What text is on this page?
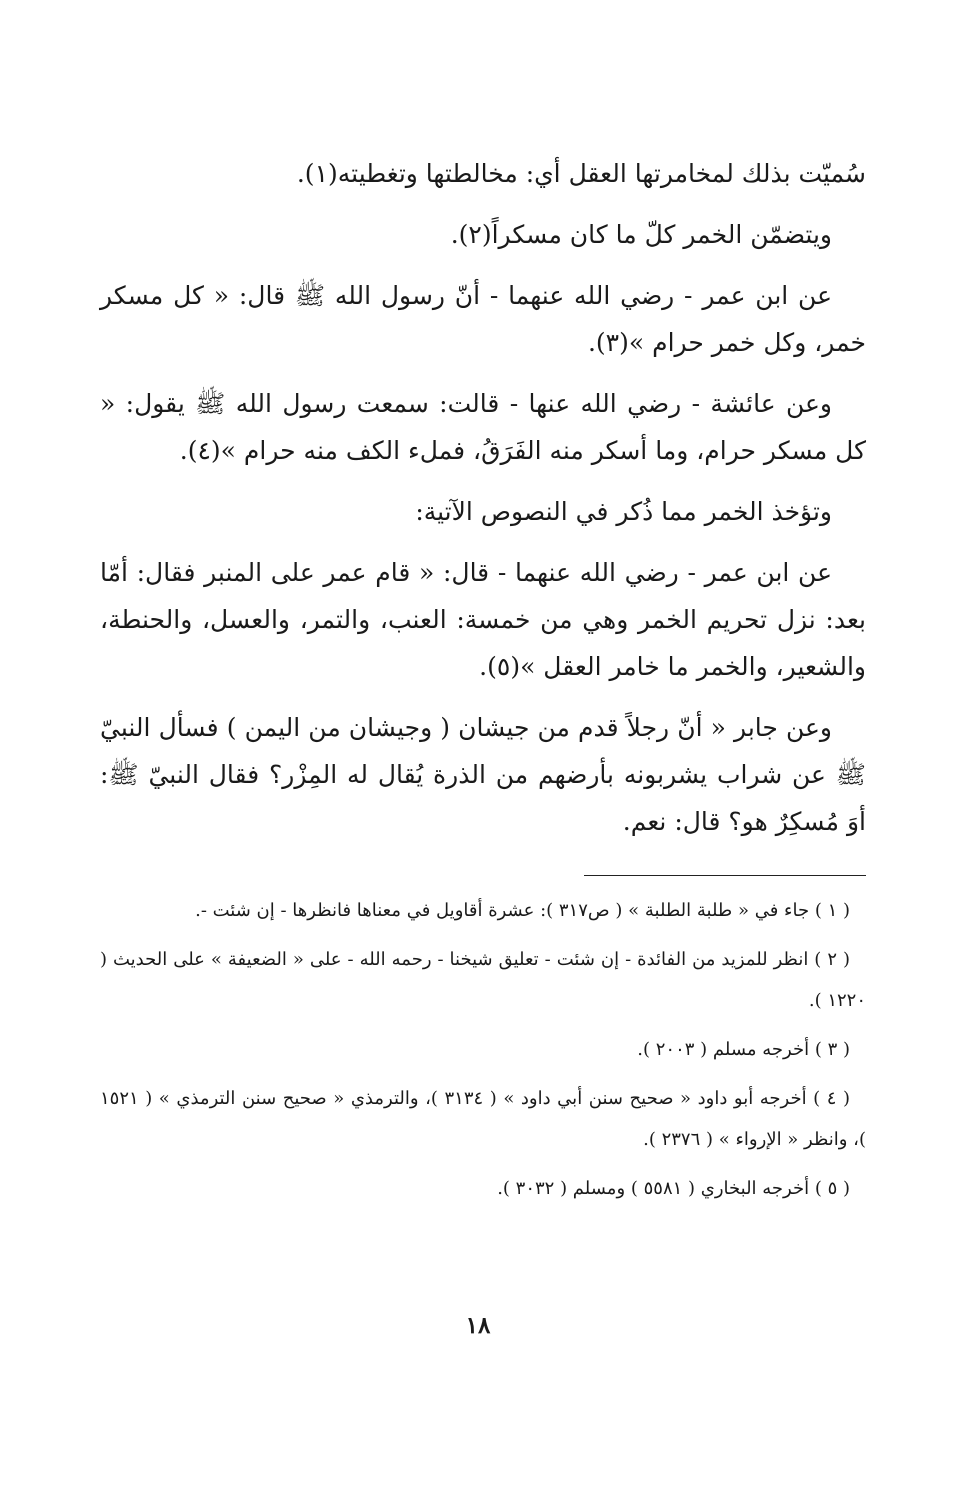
سُميّت بذلك لمخامرتها العقل أي: مخالطتها وتغطيته(١).

ويتضمّن الخمر كلّ ما كان مسكراً(٢).

عن ابن عمر - رضي الله عنهما - أنّ رسول الله ﷺ قال: « كل مسكر خمر، وكل خمر حرام »(٣).

وعن عائشة - رضي الله عنها - قالت: سمعت رسول الله ﷺ يقول: « كل مسكر حرام، وما أسكر منه الفَرَقُ، فملء الكف منه حرام »(٤).

وتؤخذ الخمر مما ذُكر في النصوص الآتية:

عن ابن عمر - رضي الله عنهما - قال: « قام عمر على المنبر فقال: أمّا بعد: نزل تحريم الخمر وهي من خمسة: العنب، والتمر، والعسل، والحنطة، والشعير، والخمر ما خامر العقل »(٥).

وعن جابر « أنّ رجلاً قدم من جيشان ( وجيشان من اليمن ) فسأل النبيّ ﷺ عن شراب يشربونه بأرضهم من الذرة يُقال له المِزْر؟ فقال النبيّ ﷺ: أوَ مُسكِرٌ هو؟ قال: نعم.

( ١ ) جاء في « طلبة الطلبة » ( ص٣١٧ ): عشرة أقاويل في معناها فانظرها - إن شئت -.

( ٢ ) انظر للمزيد من الفائدة - إن شئت - تعليق شيخنا - رحمه الله - على « الضعيفة » على الحديث ( ١٢٢٠ ).

( ٣ ) أخرجه مسلم ( ٢٠٠٣ ).

( ٤ ) أخرجه أبو داود « صحيح سنن أبي داود » ( ٣١٣٤ )، والترمذي « صحيح سنن الترمذي » ( ١٥٢١ )، وانظر « الإرواء » ( ٢٣٧٦ ).

( ٥ ) أخرجه البخاري ( ٥٥٨١ ) ومسلم ( ٣٠٣٢ ).

١٨
